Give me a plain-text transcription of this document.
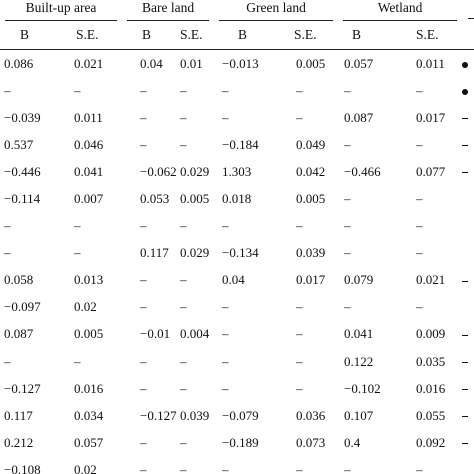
Built-up area		Bare land		Green land		Wetland		

B	S.E.	B	S.E.	B	S.E.	B	S.E.	
0.086	0.021	0.04	0.01	−0.013	0.005	0.057	0.011	
–	–	–	–	–	–	–	–	
−0.039	0.011	–	–	–	–	0.087	0.017	
0.537	0.046	–	–	−0.184	0.049	–	–	
−0.446	0.041	−0.062	0.029	1.303	0.042	−0.466	0.077	
−0.114	0.007	0.053	0.005	0.018	0.005	–	–	
–	–	–	–	–	–	–	–	
–	–	0.117	0.029	−0.134	0.039	–	–	
0.058	0.013	–	–	0.04	0.017	0.079	0.021	
−0.097	0.02	–	–	–	–	–	–	
0.087	0.005	−0.01	0.004	–	–	0.041	0.009	
–	–	–	–	–	–	0.122	0.035	
−0.127	0.016	–	–	–	–	−0.102	0.016	
0.117	0.034	−0.127	0.039	−0.079	0.036	0.107	0.055	
0.212	0.057	–	–	−0.189	0.073	0.4	0.092	
−0.108	0.02	–	–	–	–	–	–	
